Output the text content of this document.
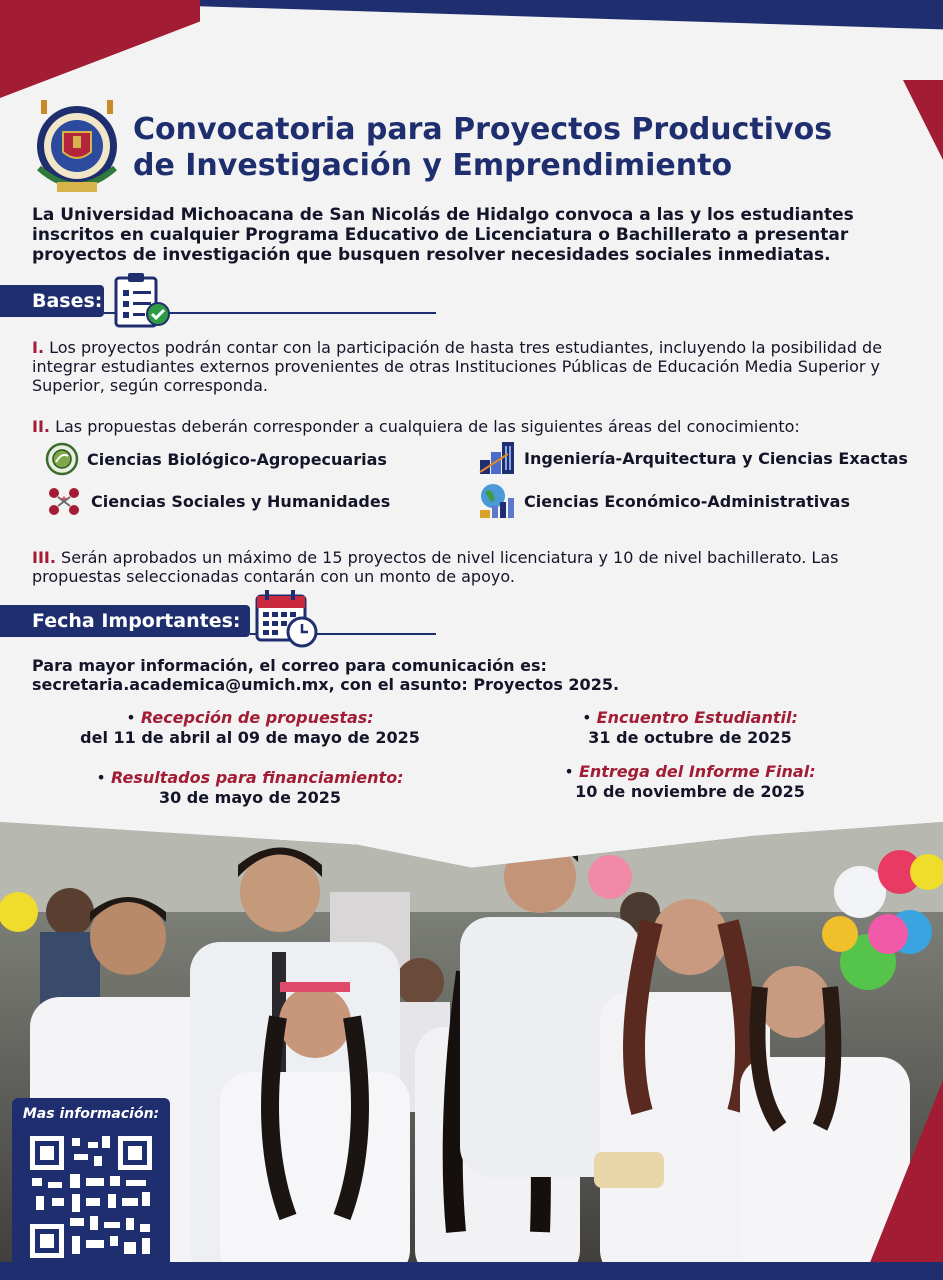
Convocatoria para Proyectos Productivos
de Investigación y Emprendimiento
La Universidad Michoacana de San Nicolás de Hidalgo convoca a las y los estudiantes inscritos en cualquier Programa Educativo de Licenciatura o Bachillerato a presentar proyectos de investigación que busquen resolver necesidades sociales inmediatas.
Bases:
I. Los proyectos podrán contar con la participación de hasta tres estudiantes, incluyendo la posibilidad de integrar estudiantes externos provenientes de otras Instituciones Públicas de Educación Media Superior y Superior, según corresponda.
II. Las propuestas deberán corresponder a cualquiera de las siguientes áreas del conocimiento:
Ciencias Biológico-Agropecuarias	Ingeniería-Arquitectura y Ciencias Exactas
Ciencias Sociales y Humanidades	Ciencias Económico-Administrativas
III. Serán aprobados un máximo de 15 proyectos de nivel licenciatura y 10 de nivel bachillerato. Las propuestas seleccionadas contarán con un monto de apoyo.
Fecha Importantes:
Para mayor información, el correo para comunicación es:
secretaria.academica@umich.mx, con el asunto: Proyectos 2025.
• Recepción de propuestas:
del 11 de abril al 09 de mayo de 2025
• Encuentro Estudiantil:
31 de octubre de 2025
• Resultados para financiamiento:
30 de mayo de 2025
• Entrega del Informe Final:
10 de noviembre de 2025
Mas información:
